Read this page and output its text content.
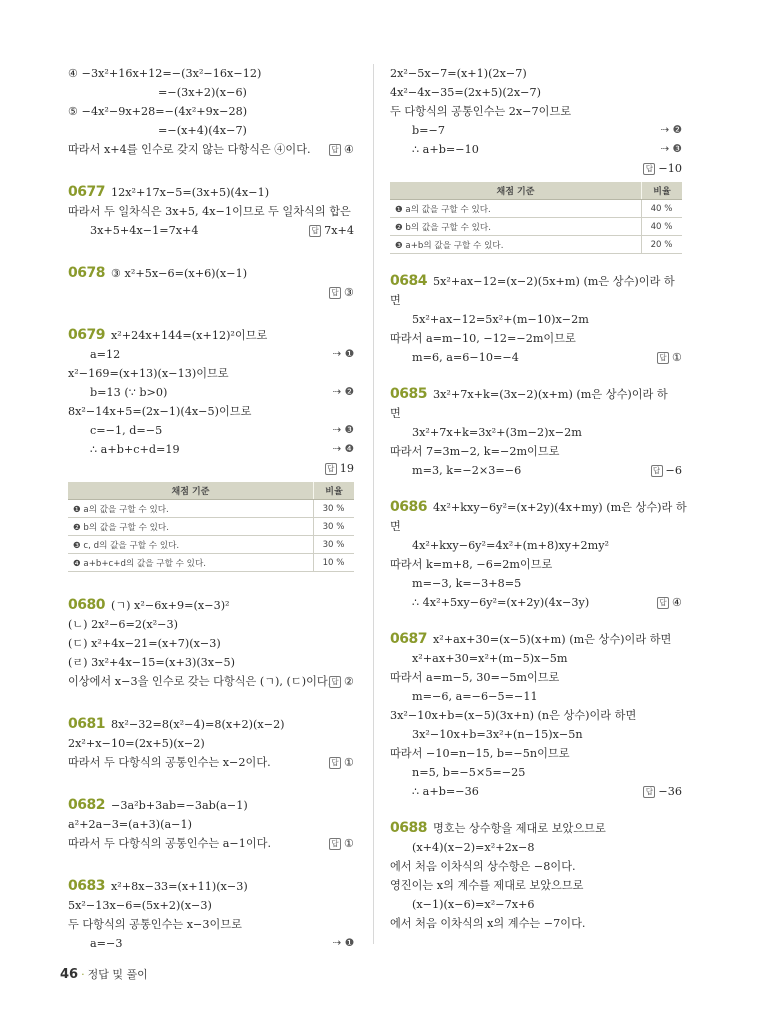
④ −3x²+16x+12=−(3x²−16x−12)
=−(3x+2)(x−6)
⑤ −4x²−9x+28=−(4x²+9x−28)
=−(x+4)(4x−7)
따라서 x+4를 인수로 갖지 않는 다항식은 ④이다.	답 ④
0677 12x²+17x−5=(3x+5)(4x−1)
따라서 두 일차식은 3x+5, 4x−1이므로 두 일차식의 합은
3x+5+4x−1=7x+4	답 7x+4
0678 ③ x²+5x−6=(x+6)(x−1)
답 ③
0679 x²+24x+144=(x+12)²이므로
a=12	⇢ ❶
x²−169=(x+13)(x−13)이므로
b=13 (∵ b>0)	⇢ ❷
8x²−14x+5=(2x−1)(4x−5)이므로
c=−1, d=−5	⇢ ❸
∴ a+b+c+d=19	⇢ ❹
답 19
채점 기준	비율
❶ a의 값을 구할 수 있다.	30 %
❷ b의 값을 구할 수 있다.	30 %
❸ c, d의 값을 구할 수 있다.	30 %
❹ a+b+c+d의 값을 구할 수 있다.	10 %
0680 (ㄱ) x²−6x+9=(x−3)²
(ㄴ) 2x²−6=2(x²−3)
(ㄷ) x²+4x−21=(x+7)(x−3)
(ㄹ) 3x²+4x−15=(x+3)(3x−5)
이상에서 x−3을 인수로 갖는 다항식은 (ㄱ), (ㄷ)이다. 답 ②
0681 8x²−32=8(x²−4)=8(x+2)(x−2)
2x²+x−10=(2x+5)(x−2)
따라서 두 다항식의 공통인수는 x−2이다.	답 ①
0682 −3a²b+3ab=−3ab(a−1)
a²+2a−3=(a+3)(a−1)
따라서 두 다항식의 공통인수는 a−1이다.	답 ①
0683 x²+8x−33=(x+11)(x−3)
5x²−13x−6=(5x+2)(x−3)
두 다항식의 공통인수는 x−3이므로
a=−3	⇢ ❶
2x²−5x−7=(x+1)(2x−7)
4x²−4x−35=(2x+5)(2x−7)
두 다항식의 공통인수는 2x−7이므로
b=−7	⇢ ❷
∴ a+b=−10	⇢ ❸
답 −10
채점 기준	비율
❶ a의 값을 구할 수 있다.	40 %
❷ b의 값을 구할 수 있다.	40 %
❸ a+b의 값을 구할 수 있다.	20 %
0684 5x²+ax−12=(x−2)(5x+m) (m은 상수)이라 하
면
5x²+ax−12=5x²+(m−10)x−2m
따라서 a=m−10, −12=−2m이므로
m=6, a=6−10=−4	답 ①
0685 3x²+7x+k=(3x−2)(x+m) (m은 상수)이라 하
면
3x²+7x+k=3x²+(3m−2)x−2m
따라서 7=3m−2, k=−2m이므로
m=3, k=−2×3=−6	답 −6
0686 4x²+kxy−6y²=(x+2y)(4x+my) (m은 상수)라 하
면
4x²+kxy−6y²=4x²+(m+8)xy+2my²
따라서 k=m+8, −6=2m이므로
m=−3, k=−3+8=5
∴ 4x²+5xy−6y²=(x+2y)(4x−3y)	답 ④
0687 x²+ax+30=(x−5)(x+m) (m은 상수)이라 하면
x²+ax+30=x²+(m−5)x−5m
따라서 a=m−5, 30=−5m이므로
m=−6, a=−6−5=−11
3x²−10x+b=(x−5)(3x+n) (n은 상수)이라 하면
3x²−10x+b=3x²+(n−15)x−5n
따라서 −10=n−15, b=−5n이므로
n=5, b=−5×5=−25
∴ a+b=−36	답 −36
0688 명호는 상수항을 제대로 보았으므로
(x+4)(x−2)=x²+2x−8
에서 처음 이차식의 상수항은 −8이다.
영진이는 x의 계수를 제대로 보았으므로
(x−1)(x−6)=x²−7x+6
에서 처음 이차식의 x의 계수는 −7이다.
46 · 정답 및 풀이
